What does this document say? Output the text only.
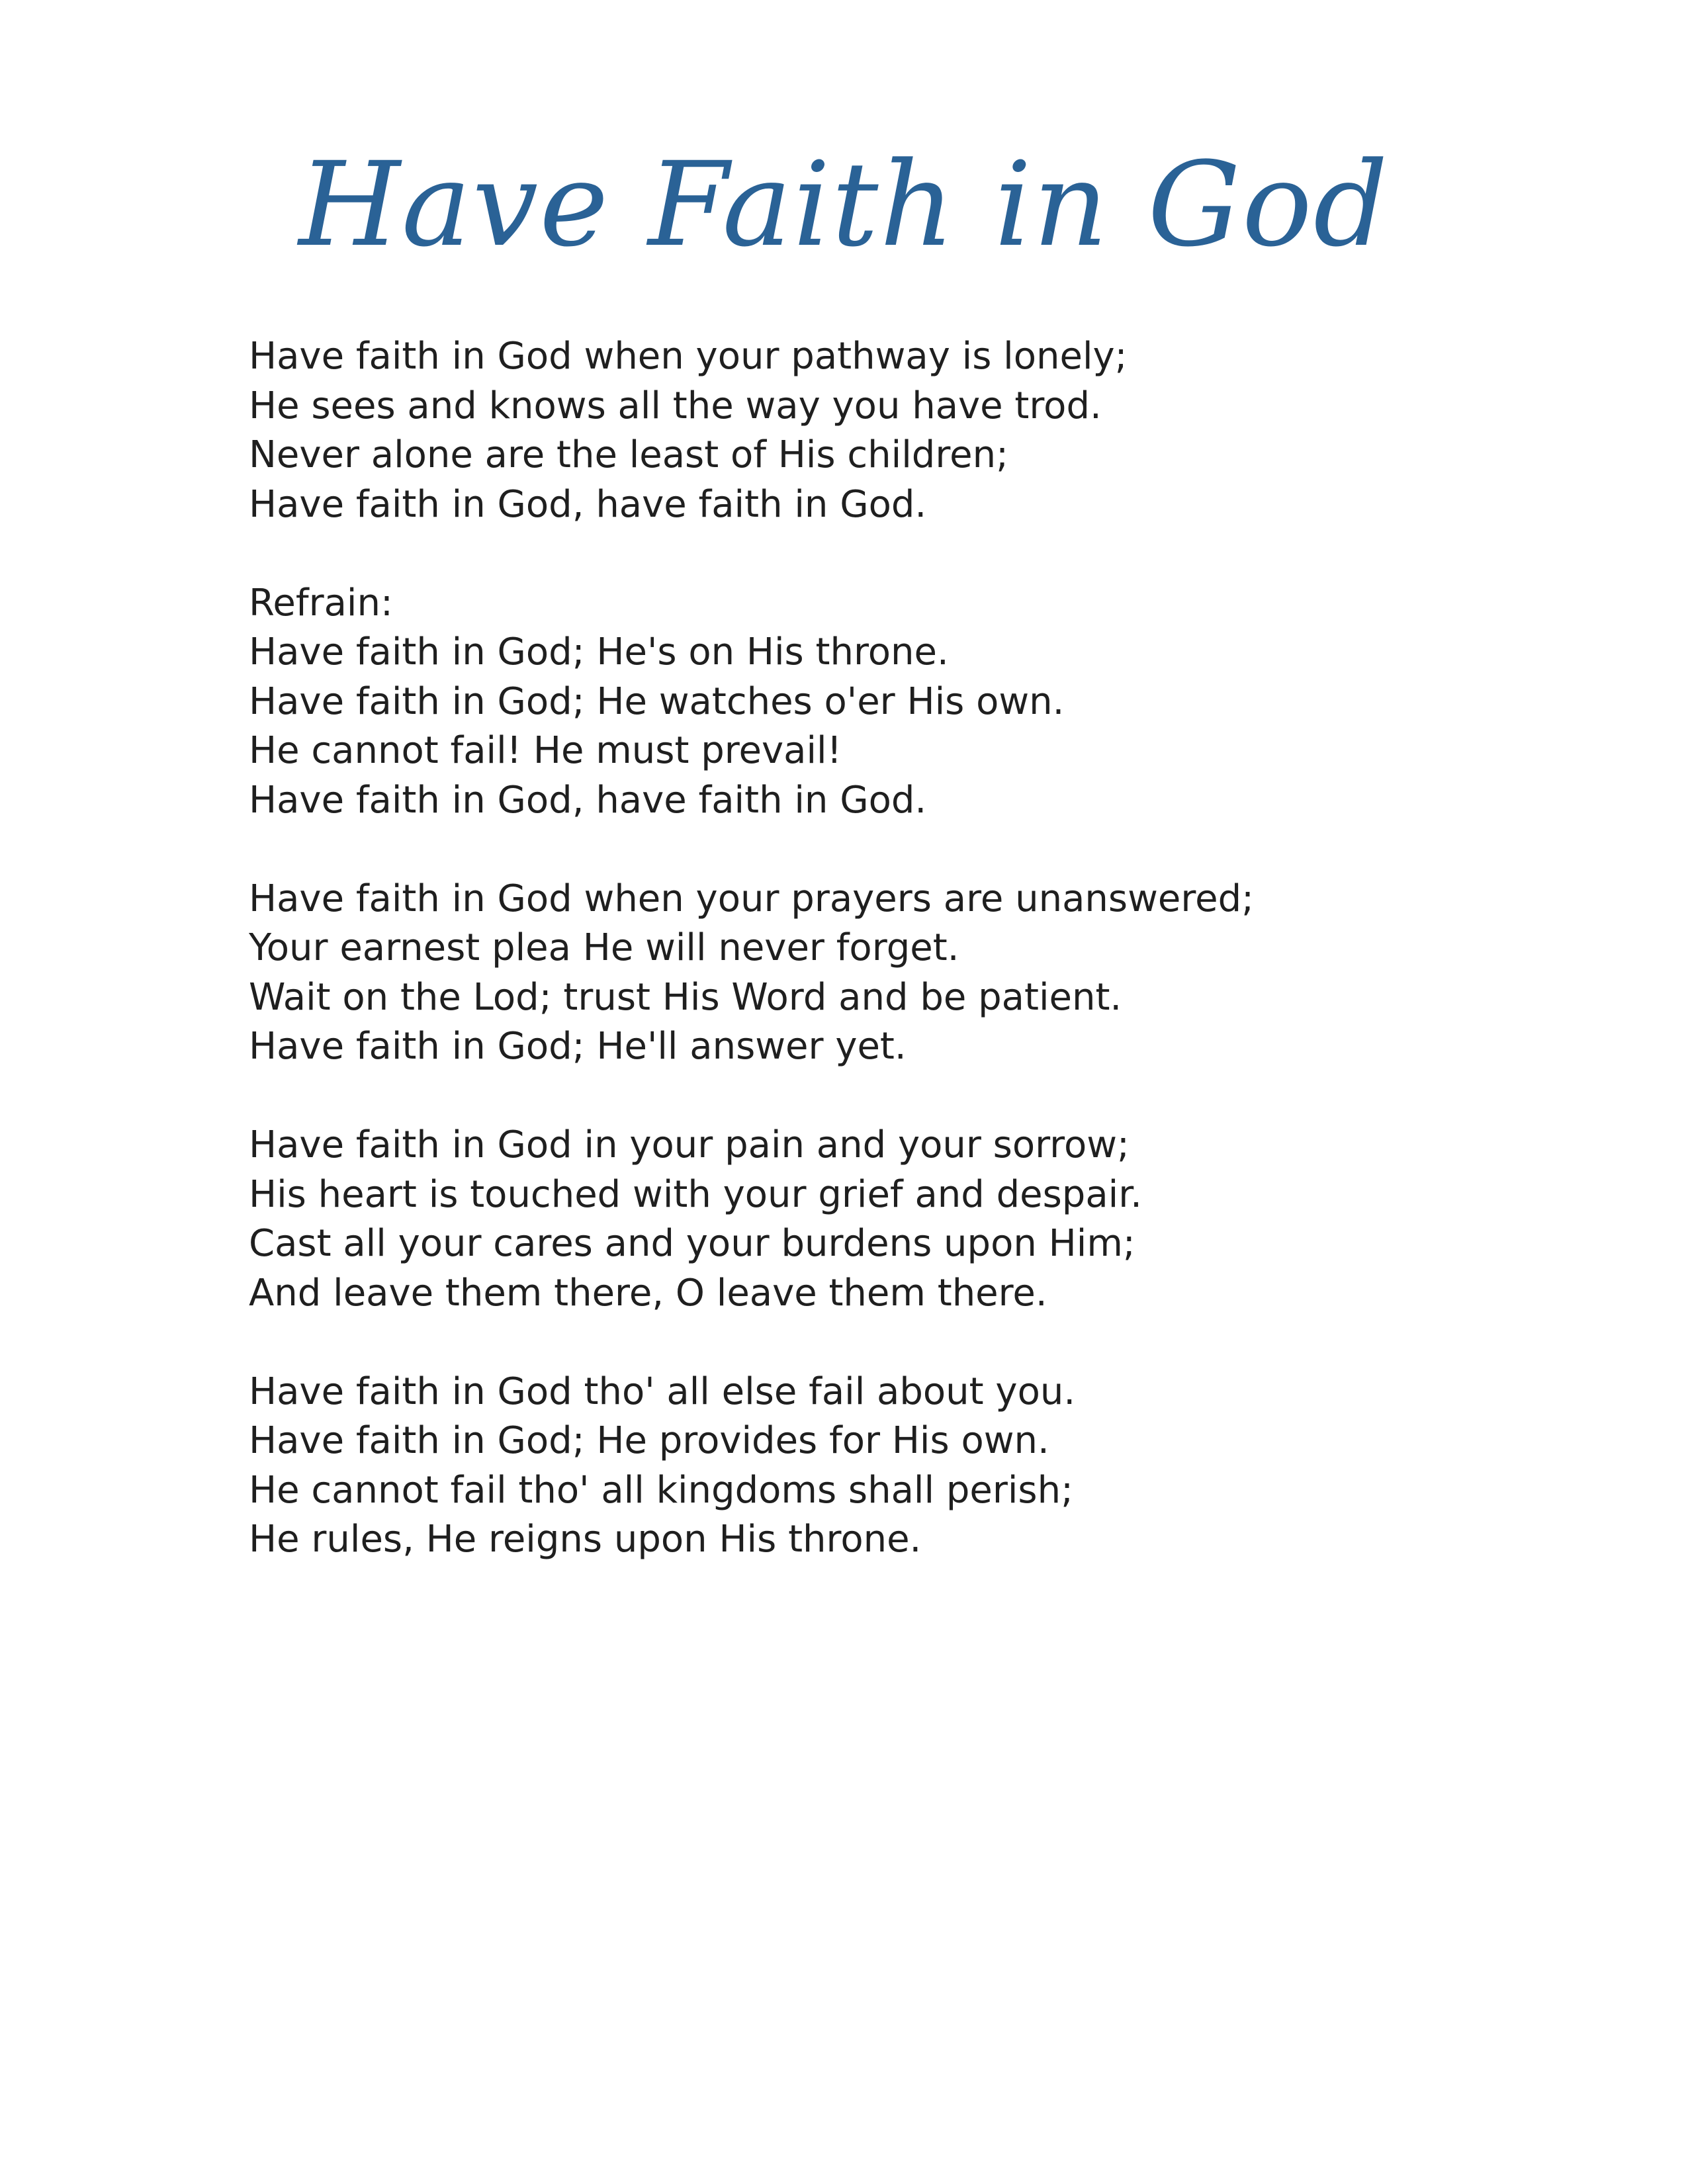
Have Faith in God
Have faith in God when your pathway is lonely;
He sees and knows all the way you have trod.
Never alone are the least of His children;
Have faith in God, have faith in God.
Refrain:
Have faith in God; He's on His throne.
Have faith in God; He watches o'er His own.
He cannot fail! He must prevail!
Have faith in God, have faith in God.
Have faith in God when your prayers are unanswered;
Your earnest plea He will never forget.
Wait on the Lod; trust His Word and be patient.
Have faith in God; He'll answer yet.
Have faith in God in your pain and your sorrow;
His heart is touched with your grief and despair.
Cast all your cares and your burdens upon Him;
And leave them there, O leave them there.
Have faith in God tho' all else fail about you.
Have faith in God; He provides for His own.
He cannot fail tho' all kingdoms shall perish;
He rules, He reigns upon His throne.
